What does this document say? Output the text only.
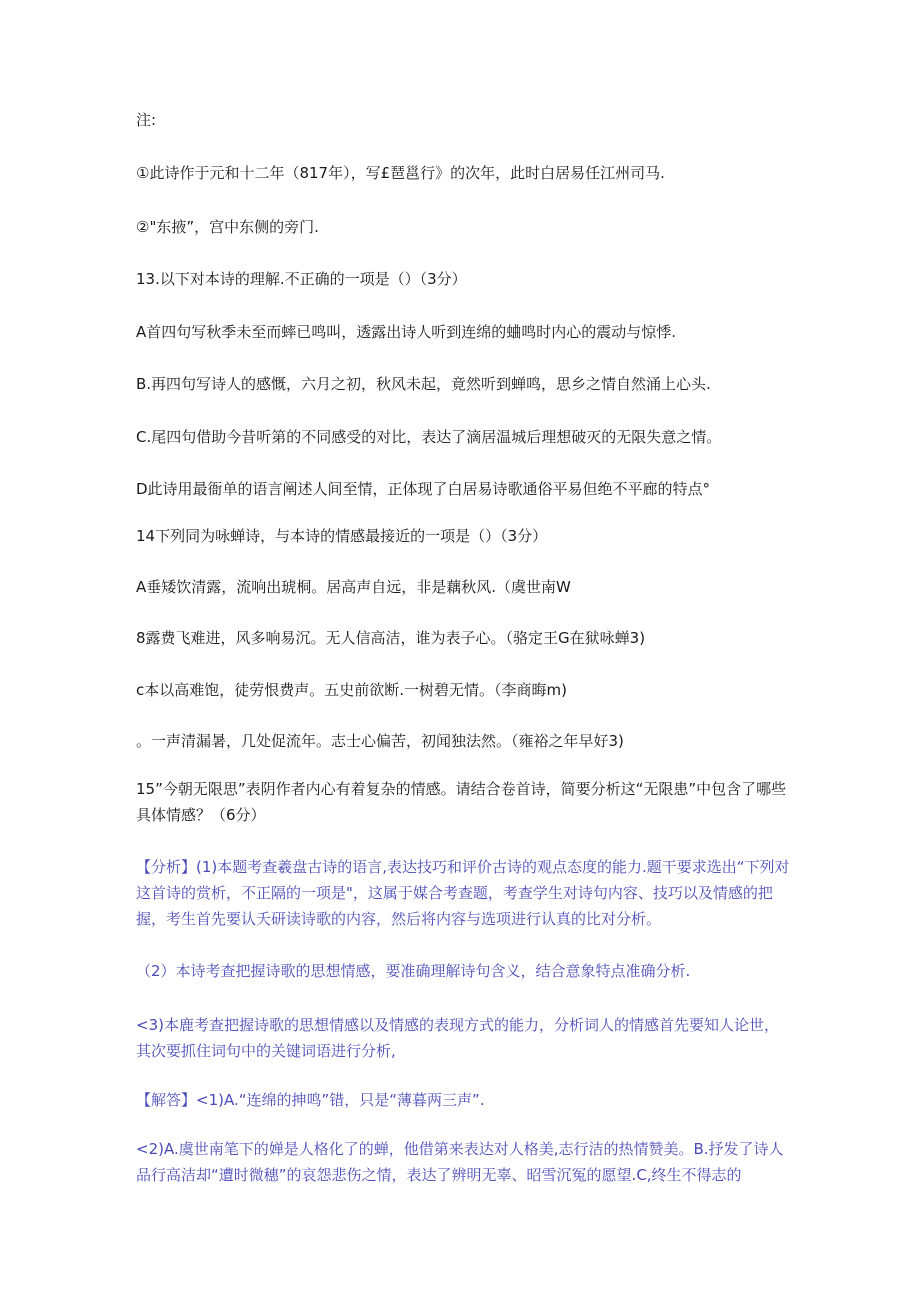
注:
①此诗作于元和十二年（817年），写£琶邕行》的次年，此时白居易任江州司马.
②"东掖”，宫中东侧的旁门.
13.以下对本诗的理解.不正确的一项是（）（3分）
A首四句写秋季未至而蟀已鸣叫，透露出诗人听到连绵的蛐鸣时内心的震动与惊悸.
B.再四句写诗人的感慨，六月之初，秋风未起，竟然听到蝉鸣，思乡之情自然涌上心头.
C.尾四句借助今昔听第的不同感受的对比，表达了滴居温城后理想破灭的无限失意之情。
D此诗用最衙单的语言阐述人间至情，正体现了白居易诗歌通俗平易但绝不平廊的特点°
14下列同为咏蝉诗，与本诗的情感最接近的一项是（）（3分）
A垂矮饮清露，流响出琥桐。居高声自远，非是藕秋风.（虞世南W
8露费飞难进，风多响易沉。无人信高洁，谁为表子心。（骆定王G在狱咏蝉3)
c本以高难饱，徒劳恨费声。五史前欲断.一树碧无情。（李商晦m)
。一声清漏暑，几处促流年。志士心偏苦，初闻独法然。（雍裕之年早好3)
15”今朝无限思”表阴作者内心有着复杂的情感。请结合卷首诗，简要分析这“无限患”中包含了哪些具体情感？（6分）
【分析】(1)本题考查羲盘古诗的语言,表达技巧和评价古诗的观点态度的能力.题干要求选出“下列对这首诗的赏析，不正隔的一项是"，这属于媒合考查题，考查学生对诗句内容、技巧以及情感的把握，考生首先要认夭研读诗歌的内容，然后将内容与选项进行认真的比对分析。
（2）本诗考查把握诗歌的思想情感，要准确理解诗句含义，结合意象特点准确分析.
<3)本鹿考查把握诗歌的思想情感以及情感的表现方式的能力，分析词人的情感首先要知人论世，其次要抓住词句中的关键词语进行分析,
【解答】<1)A.“连绵的抻鸣”错，只是“薄暮两三声”.
<2)A.虞世南笔下的婵是人格化了的蝉，他借第来表达对人格美,志行洁的热情赞美。B.抒发了诗人品行高洁却“遭时微穗”的哀怨悲伤之情，表达了辨明无辜、昭雪沉冤的愿望.C,终生不得志的
